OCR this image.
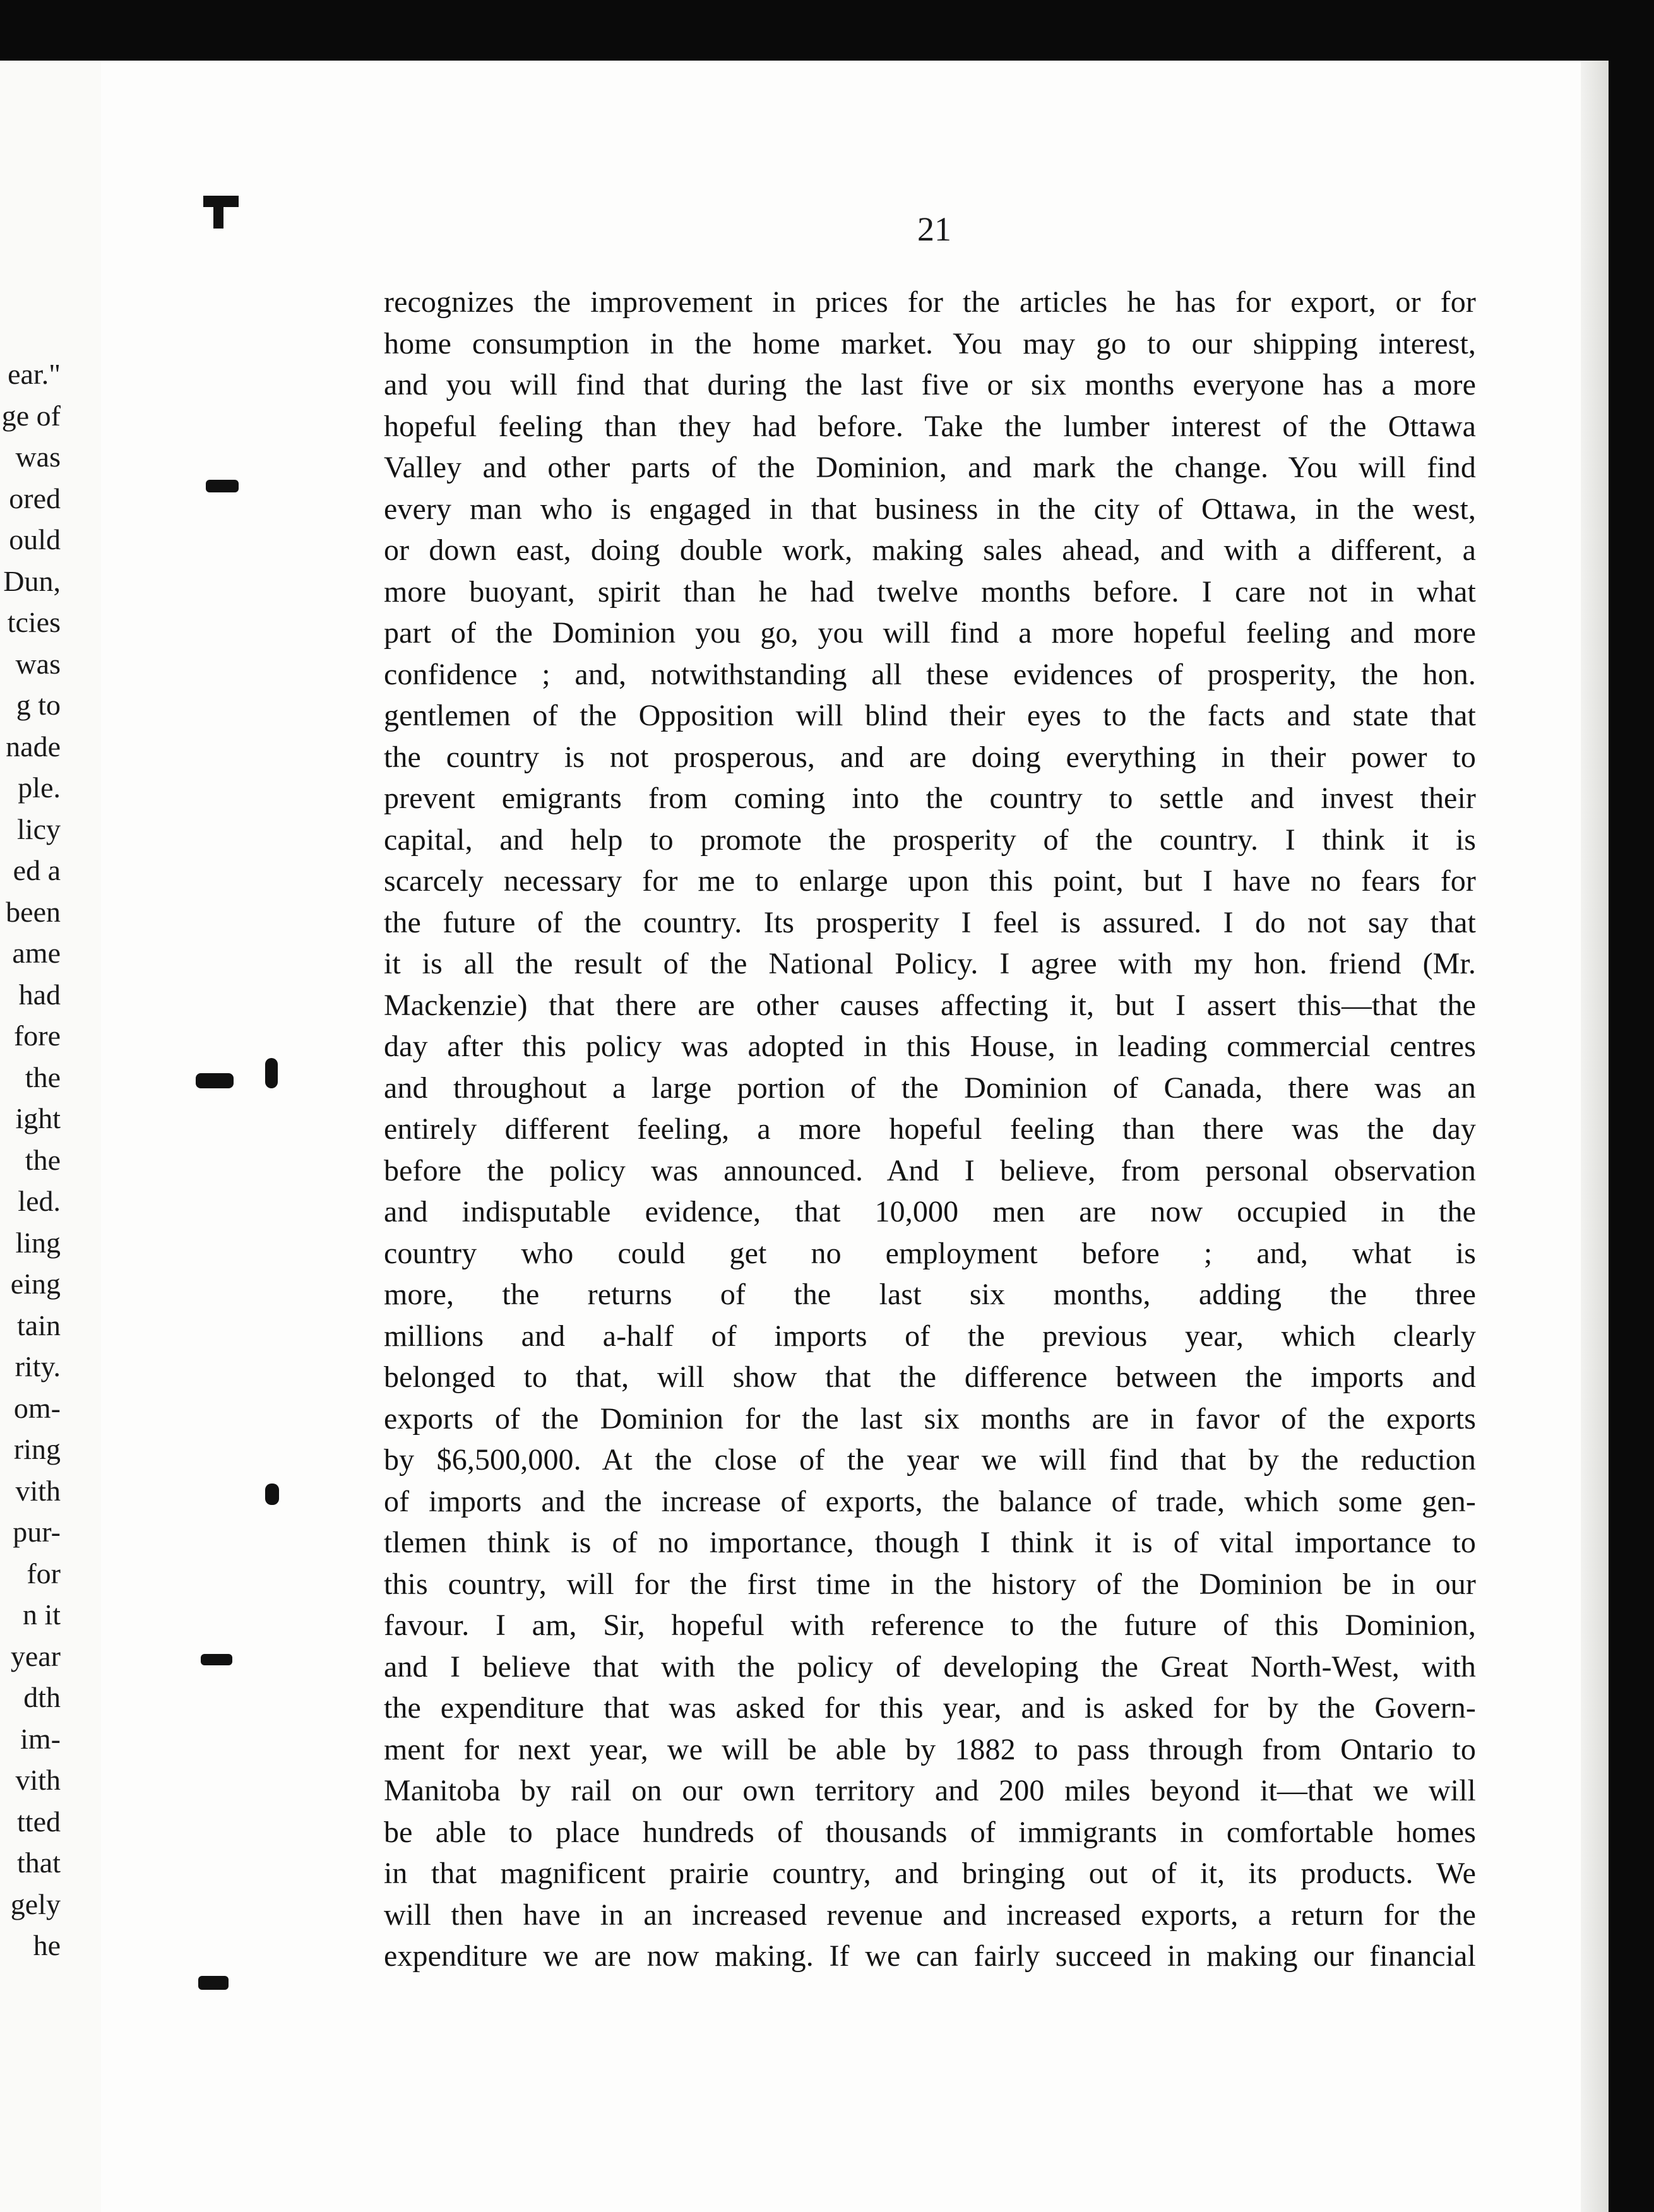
ear."
ge of
was
ored
ould
Dun,
tcies
was
g to
nade
ple.
licy
ed a
been
ame
had
fore
the
ight
the
led.
ling
eing
tain
rity.
om-
ring
vith
pur-
for
n it
year
dth
im-
vith
tted
that
gely
he
21
recognizes the improvement in prices for the articles he has for export, or for
home consumption in the home market. You may go to our shipping interest,
and you will find that during the last five or six months everyone has a more
hopeful feeling than they had before. Take the lumber interest of the Ottawa
Valley and other parts of the Dominion, and mark the change. You will find
every man who is engaged in that business in the city of Ottawa, in the west,
or down east, doing double work, making sales ahead, and with a different, a
more buoyant, spirit than he had twelve months before. I care not in what
part of the Dominion you go, you will find a more hopeful feeling and more
confidence ; and, notwithstanding all these evidences of prosperity, the hon.
gentlemen of the Opposition will blind their eyes to the facts and state that
the country is not prosperous, and are doing everything in their power to
prevent emigrants from coming into the country to settle and invest their
capital, and help to promote the prosperity of the country. I think it is
scarcely necessary for me to enlarge upon this point, but I have no fears for
the future of the country. Its prosperity I feel is assured. I do not say that
it is all the result of the National Policy. I agree with my hon. friend (Mr.
Mackenzie) that there are other causes affecting it, but I assert this—that the
day after this policy was adopted in this House, in leading commercial centres
and throughout a large portion of the Dominion of Canada, there was an
entirely different feeling, a more hopeful feeling than there was the day
before the policy was announced. And I believe, from personal observation
and indisputable evidence, that 10,000 men are now occupied in the
country who could get no employment before ; and, what is
more, the returns of the last six months, adding the three
millions and a-half of imports of the previous year, which clearly
belonged to that, will show that the difference between the imports and
exports of the Dominion for the last six months are in favor of the exports
by $6,500,000. At the close of the year we will find that by the reduction
of imports and the increase of exports, the balance of trade, which some gen-
tlemen think is of no importance, though I think it is of vital importance to
this country, will for the first time in the history of the Dominion be in our
favour. I am, Sir, hopeful with reference to the future of this Dominion,
and I believe that with the policy of developing the Great North-West, with
the expenditure that was asked for this year, and is asked for by the Govern-
ment for next year, we will be able by 1882 to pass through from Ontario to
Manitoba by rail on our own territory and 200 miles beyond it—that we will
be able to place hundreds of thousands of immigrants in comfortable homes
in that magnificent prairie country, and bringing out of it, its products. We
will then have in an increased revenue and increased exports, a return for the
expenditure we are now making. If we can fairly succeed in making our financial
